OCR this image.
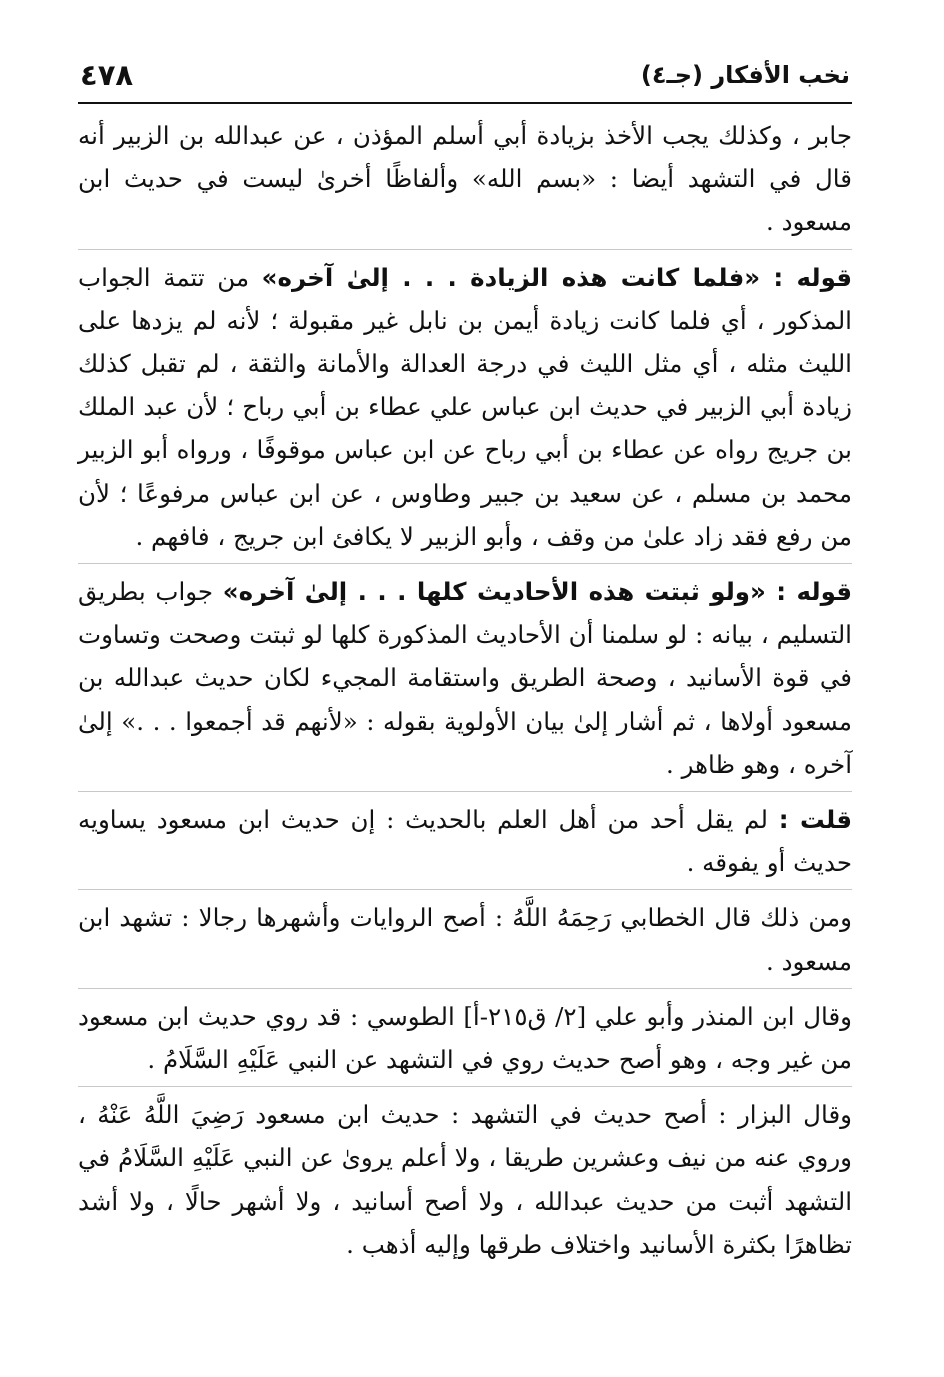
نخب الأفكار (جـ٤)
٤٧٨

جابر ، وكذلك يجب الأخذ بزيادة أبي أسلم المؤذن ، عن عبدالله بن الزبير أنه قال في التشهد أيضا : «بسم الله» وألفاظًا أخرىٰ ليست في حديث ابن مسعود .

قوله : «فلما كانت هذه الزيادة . . . إلىٰ آخره» من تتمة الجواب المذكور ، أي فلما كانت زيادة أيمن بن نابل غير مقبولة ؛ لأنه لم يزدها على الليث مثله ، أي مثل الليث في درجة العدالة والأمانة والثقة ، لم تقبل كذلك زيادة أبي الزبير في حديث ابن عباس علي عطاء بن أبي رباح ؛ لأن عبد الملك بن جريج رواه عن عطاء بن أبي رباح عن ابن عباس موقوفًا ، ورواه أبو الزبير محمد بن مسلم ، عن سعيد بن جبير وطاوس ، عن ابن عباس مرفوعًا ؛ لأن من رفع فقد زاد علىٰ من وقف ، وأبو الزبير لا يكافئ ابن جريج ، فافهم .

قوله : «ولو ثبتت هذه الأحاديث كلها . . . إلىٰ آخره» جواب بطريق التسليم ، بيانه : لو سلمنا أن الأحاديث المذكورة كلها لو ثبتت وصحت وتساوت في قوة الأسانيد ، وصحة الطريق واستقامة المجيء لكان حديث عبدالله بن مسعود أولاها ، ثم أشار إلىٰ بيان الأولوية بقوله : «لأنهم قد أجمعوا . . .» إلىٰ آخره ، وهو ظاهر .

قلت : لم يقل أحد من أهل العلم بالحديث : إن حديث ابن مسعود يساويه حديث أو يفوقه .

ومن ذلك قال الخطابي رَحِمَهُ اللَّهُ : أصح الروايات وأشهرها رجالا : تشهد ابن مسعود .

وقال ابن المنذر وأبو علي [٢/ ق٢١٥-أ] الطوسي : قد روي حديث ابن مسعود من غير وجه ، وهو أصح حديث روي في التشهد عن النبي عَلَيْهِ السَّلَامُ .

وقال البزار : أصح حديث في التشهد : حديث ابن مسعود رَضِيَ اللَّهُ عَنْهُ ، وروي عنه من نيف وعشرين طريقا ، ولا أعلم يروىٰ عن النبي عَلَيْهِ السَّلَامُ في التشهد أثبت من حديث عبدالله ، ولا أصح أسانيد ، ولا أشهر حالًا ، ولا أشد تظاهرًا بكثرة الأسانيد واختلاف طرقها وإليه أذهب .
